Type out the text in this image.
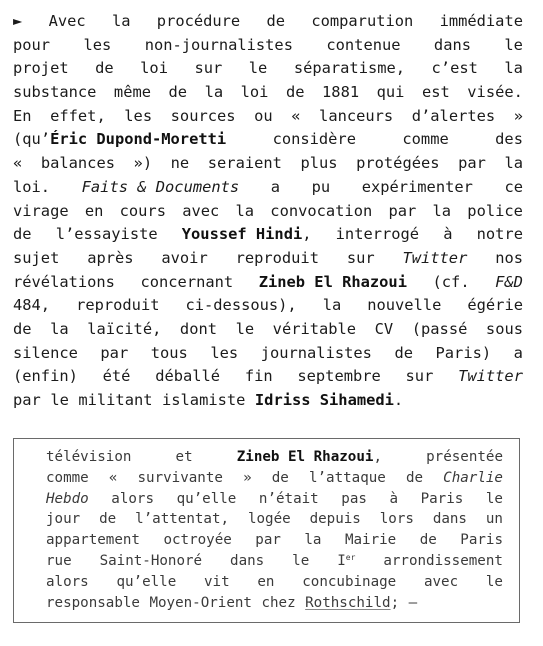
► Avec la procédure de comparution immédiate
pour les non-journalistes contenue dans le
projet de loi sur le séparatisme, c’est la
substance même de la loi de 1881 qui est visée.
En effet, les sources ou « lanceurs d’alertes »
(qu’Éric Dupond-Moretti	considère	comme	des
« balances ») ne seraient plus protégées par la
loi. Faits & Documents a pu expérimenter ce
virage en cours avec la convocation par la police
de l’essayiste Youssef Hindi, interrogé à notre
sujet après avoir reproduit sur Twitter nos
révélations concernant Zineb El Rhazoui (cf. F&D
484, reproduit ci-dessous), la nouvelle égérie
de la laïcité, dont le véritable CV (passé sous
silence par tous les journalistes de Paris) a
(enfin) été déballé fin septembre sur Twitter
par le militant islamiste Idriss Sihamedi.
télévision	et	Zineb El Rhazoui,	présentée
comme « survivante » de l’attaque de Charlie
Hebdo alors qu’elle n’était pas à Paris le
jour de l’attentat, logée depuis lors dans un
appartement octroyée par la Mairie de Paris
rue Saint-Honoré dans le Ier arrondissement
alors qu’elle vit en concubinage avec le
responsable Moyen-Orient chez Rothschild; –
